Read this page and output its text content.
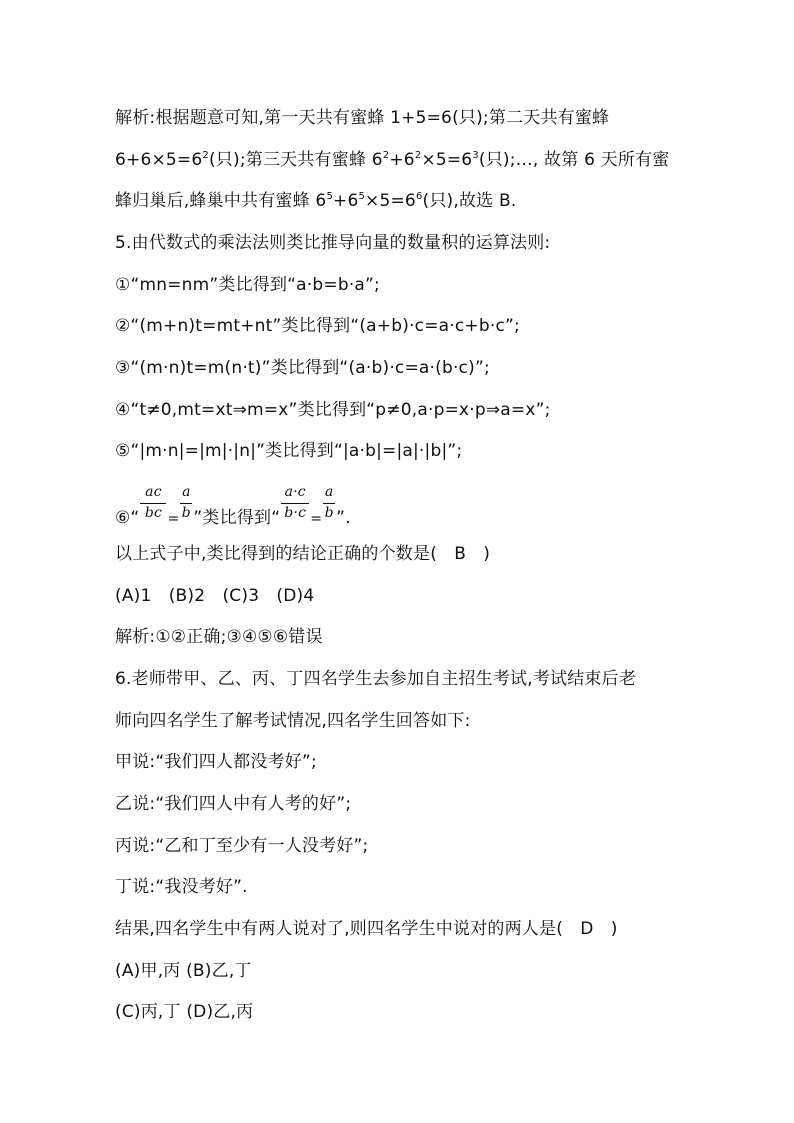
解析:根据题意可知,第一天共有蜜蜂 1+5=6(只);第二天共有蜜蜂
$6+6\times 5=6^2$(只);第三天共有蜜蜂 $6^2+6^2\times 5=6^3$(只);…, 故第 6 天所有蜜
蜂归巢后,蜂巢中共有蜜蜂 $6^5+6^5\times 5=6^6$(只),故选 B.
5.由代数式的乘法法则类比推导向量的数量积的运算法则:
①“mn=nm”类比得到“a·b=b·a”;
②“(m+n)t=mt+nt”类比得到“(a+b)·c=a·c+b·c”;
③“(m·n)t=m(n·t)”类比得到“(a·b)·c=a·(b·c)”;
④“t≠0,mt=xt⇒m=x”类比得到“p≠0,a·p=x·p⇒a=x”;
⑤“|m·n|=|m|·|n|”类比得到“|a·b|=|a|·|b|”;
⑥“ $\frac{ac}{bc} = \frac{a}{b}$ ”类比得到“ $\frac{a\cdot c}{b\cdot c} = \frac{a}{b}$ ”.
以上式子中,类比得到的结论正确的个数是(　B　)
(A)1　(B)2　(C)3　(D)4
解析:①②正确;③④⑤⑥错误
6.老师带甲、乙、丙、丁四名学生去参加自主招生考试,考试结束后老
师向四名学生了解考试情况,四名学生回答如下:
甲说:“我们四人都没考好”;
乙说:“我们四人中有人考的好”;
丙说:“乙和丁至少有一人没考好”;
丁说:“我没考好”.
结果,四名学生中有两人说对了,则四名学生中说对的两人是(　D　)
(A)甲,丙 (B)乙,丁
(C)丙,丁 (D)乙,丙
